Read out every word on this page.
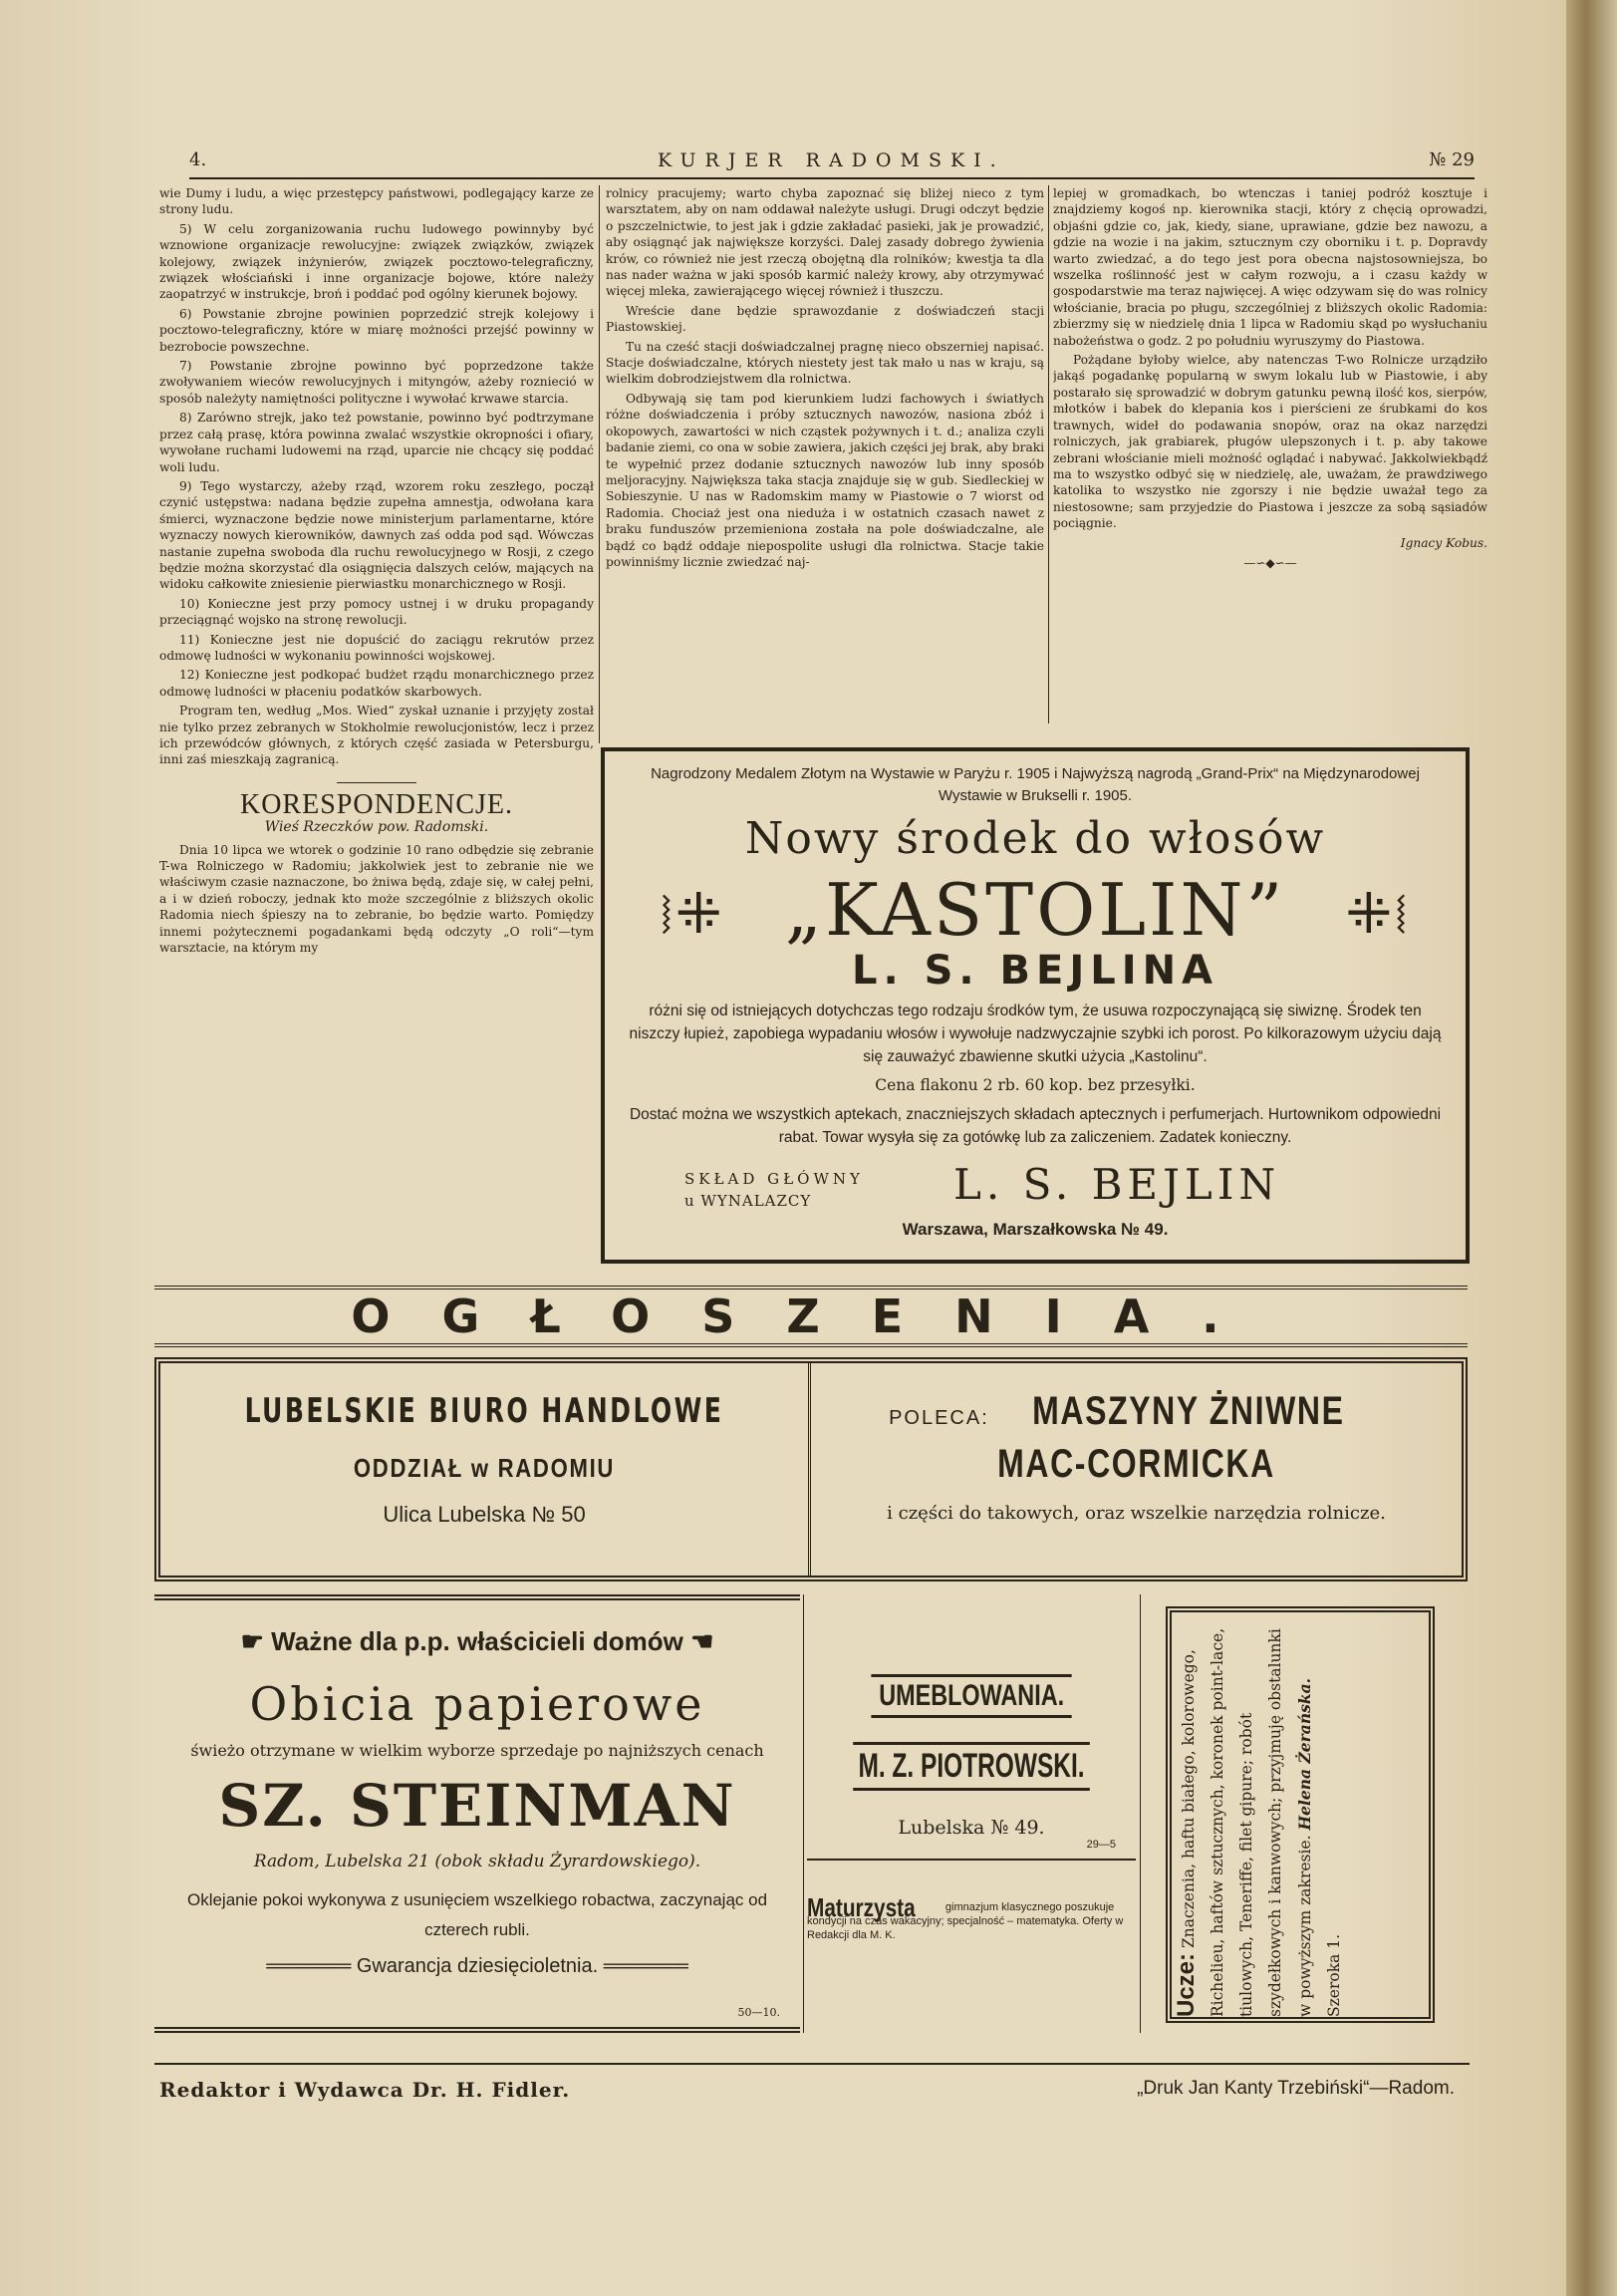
4.	KURJER RADOMSKI.	№ 29

wie Dumy i ludu, a więc przestępcy państwowi, podlegający karze ze strony ludu.

5) W celu zorganizowania ruchu ludowego powinnyby być wznowione organizacje rewolucyjne: związek związków, związek kolejowy, związek inżynierów, związek pocztowo-telegraficzny, związek włościański i inne organizacje bojowe, które należy zaopatrzyć w instrukcje, broń i poddać pod ogólny kierunek bojowy.

6) Powstanie zbrojne powinien poprzedzić strejk kolejowy i pocztowo-telegraficzny, które w miarę możności przejść powinny w bezrobocie powszechne.

7) Powstanie zbrojne powinno być poprzedzone także zwoływaniem wieców rewolucyjnych i mityngów, ażeby roznieció w sposób należyty namiętności polityczne i wywołać krwawe starcia.

8) Zarówno strejk, jako też powstanie, powinno być podtrzymane przez całą prasę, która powinna zwalać wszystkie okropności i ofiary, wywołane ruchami ludowemi na rząd, uparcie nie chcący się poddać woli ludu.

9) Tego wystarczy, ażeby rząd, wzorem roku zeszłego, począł czynić ustępstwa: nadana będzie zupełna amnestja, odwołana kara śmierci, wyznaczone będzie nowe ministerjum parlamentarne, które wyznaczy nowych kierowników, dawnych zaś odda pod sąd. Wówczas nastanie zupełna swoboda dla ruchu rewolucyjnego w Rosji, z czego będzie można skorzystać dla osiągnięcia dalszych celów, mających na widoku całkowite zniesienie pierwiastku monarchicznego w Rosji.

10) Konieczne jest przy pomocy ustnej i w druku propagandy przeciągnąć wojsko na stronę rewolucji.

11) Konieczne jest nie dopuścić do zaciągu rekrutów przez odmowę ludności w wykonaniu powinności wojskowej.

12) Konieczne jest podkopać budżet rządu monarchicznego przez odmowę ludności w płaceniu podatków skarbowych.

Program ten, według „Mos. Wied“ zyskał uznanie i przyjęty został nie tylko przez zebranych w Stokholmie rewolucjonistów, lecz i przez ich przewódców głównych, z których część zasiada w Petersburgu, inni zaś mieszkają zagranicą.

KORESPONDENCJE.
Wieś Rzeczków pow. Radomski.

Dnia 10 lipca we wtorek o godzinie 10 rano odbędzie się zebranie T-wa Rolniczego w Radomiu; jakkolwiek jest to zebranie nie we właściwym czasie naznaczone, bo żniwa będą, zdaje się, w całej pełni, a i w dzień roboczy, jednak kto może szczególnie z bliższych okolic Radomia niech śpieszy na to zebranie, bo będzie warto. Pomiędzy innemi pożytecznemi pogadankami będą odczyty „O roli“—tym warsztacie, na którym my

rolnicy pracujemy; warto chyba zapoznać się bliżej nieco z tym warsztatem, aby on nam oddawał należyte usługi. Drugi odczyt będzie o pszczelnictwie, to jest jak i gdzie zakładać pasieki, jak je prowadzić, aby osiągnąć jak największe korzyści. Dalej zasady dobrego żywienia krów, co również nie jest rzeczą obojętną dla rolników; kwestja ta dla nas nader ważna w jaki sposób karmić należy krowy, aby otrzymywać więcej mleka, zawierającego więcej również i tłuszczu.

Wreście dane będzie sprawozdanie z doświadczeń stacji Piastowskiej.

Tu na cześć stacji doświadczalnej pragnę nieco obszerniej napisać. Stacje doświadczalne, których niestety jest tak mało u nas w kraju, są wielkim dobrodziejstwem dla rolnictwa.

Odbywają się tam pod kierunkiem ludzi fachowych i światłych różne doświadczenia i próby sztucznych nawozów, nasiona zbóż i okopowych, zawartości w nich cząstek pożywnych i t. d.; analiza czyli badanie ziemi, co ona w sobie zawiera, jakich części jej brak, aby braki te wypełnić przez dodanie sztucznych nawozów lub inny sposób meljoracyjny. Największa taka stacja znajduje się w gub. Siedleckiej w Sobieszynie. U nas w Radomskim mamy w Piastowie o 7 wiorst od Radomia. Chociaż jest ona nieduża i w ostatnich czasach nawet z braku funduszów przemieniona została na pole doświadczalne, ale bądź co bądź oddaje niepospolite usługi dla rolnictwa. Stacje takie powinniśmy licznie zwiedzać naj-

lepiej w gromadkach, bo wtenczas i taniej podróż kosztuje i znajdziemy kogoś np. kierownika stacji, który z chęcią oprowadzi, objaśni gdzie co, jak, kiedy, siane, uprawiane, gdzie bez nawozu, a gdzie na wozie i na jakim, sztucznym czy oborniku i t. p. Dopravdy warto zwiedzać, a do tego jest pora obecna najstosowniejsza, bo wszelka roślinność jest w całym rozwoju, a i czasu każdy w gospodarstwie ma teraz najwięcej. A więc odzywam się do was rolnicy włościanie, bracia po pługu, szczególniej z bliższych okolic Radomia: zbierzmy się w niedzielę dnia 1 lipca w Radomiu skąd po wysłuchaniu nabożeństwa o godz. 2 po południu wyruszymy do Piastowa.

Pożądane byłoby wielce, aby natenczas T-wo Rolnicze urządziło jakąś pogadankę popularną w swym lokalu lub w Piastowie, i aby postarało się sprowadzić w dobrym gatunku pewną ilość kos, sierpów, młotków i babek do klepania kos i pierścieni ze śrubkami do kos trawnych, wideł do podawania snopów, oraz na okaz narzędzi rolniczych, jak grabiarek, pługów ulepszonych i t. p. aby takowe zebrani włościanie mieli możność oglądać i nabywać. Jakkolwiekbądź ma to wszystko odbyć się w niedzielę, ale, uważam, że prawdziwego katolika to wszystko nie zgorszy i nie będzie uważał tego za niestosowne; sam przyjedzie do Piastowa i jeszcze za sobą sąsiadów pociągnie.

Ignacy Kobus.
—∽◆∽—
Nagrodzony Medalem Złotym na Wystawie w Paryżu r. 1905 i Najwyższą nagrodą „Grand-Prix“ na Międzynarodowej Wystawie w Brukselli r. 1905.
Nowy środek do włosów
⧘⁜ „KASTOLIN” ⁜⧙
L. S. BEJLINA
różni się od istniejących dotychczas tego rodzaju środków tym, że usuwa rozpoczynającą się siwiznę. Środek ten niszczy łupież, zapobiega wypadaniu włosów i wywołuje nadzwyczajnie szybki ich porost. Po kilkorazowym użyciu dają się zauważyć zbawienne skutki użycia „Kastolinu“.
Cena flakonu 2 rb. 60 kop. bez przesyłki.
Dostać można we wszystkich aptekach, znaczniejszych składach aptecznych i perfumerjach. Hurtownikom odpowiedni rabat. Towar wysyła się za gotówkę lub za zaliczeniem. Zadatek konieczny.
SKŁAD GŁÓWNY
u WYNALAZCY	L. S. BEJLIN
Warszawa, Marszałkowska № 49.
OGŁOSZENIA.
LUBELSKIE BIURO HANDLOWE
ODDZIAŁ w RADOMIU
Ulica Lubelska № 50
POLECA: MASZYNY ŻNIWNE
MAC-CORMICKA
i części do takowych, oraz wszelkie narzędzia rolnicze.
☛ Ważne dla p.p. właścicieli domów ☚
Obicia papierowe
świeżo otrzymane w wielkim wyborze sprzedaje po najniższych cenach
SZ. STEINMAN
Radom, Lubelska 21 (obok składu Żyrardowskiego).
Oklejanie pokoi wykonywa z usunięciem wszelkiego robactwa, zaczynając od czterech rubli.
══════ Gwarancja dziesięcioletnia. ══════
50—10.
UMEBLOWANIA.
M. Z. PIOTROWSKI.
Lubelska № 49.
29—5
Maturzysta	gimnazjum klasycznego poszukuje kondycji na czas wakacyjny; specjalność – matematyka. Oferty w Redakcji dla M. K.
Ucze: Znaczenia, haftu białego, kolorowego, Richelieu, haftów sztucznych, koronek point-lace, tiulowych, Teneriffe, filet gipure; robót szydełkowych i kanwowych; przyjmuję obstalunki w powyższym zakresie. Helena Żerańska. Szeroka 1.
Redaktor i Wydawca Dr. H. Fidler.	„Druk Jan Kanty Trzebiński“—Radom.
